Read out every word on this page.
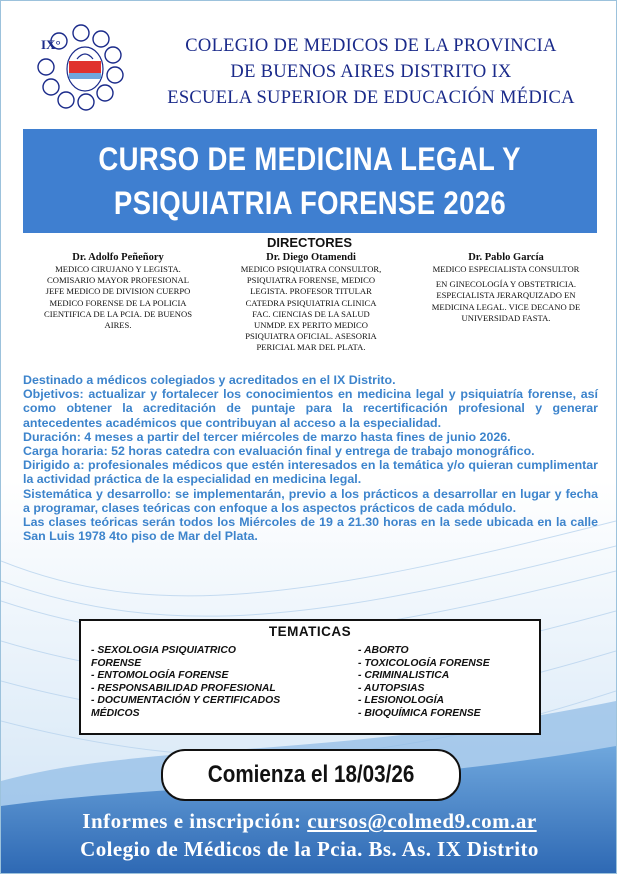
IX°	COLEGIO DE MEDICOS DE LA PROVINCIA
DE BUENOS AIRES DISTRITO IX
ESCUELA SUPERIOR DE EDUCACIÓN MÉDICA
CURSO DE MEDICINA LEGAL Y
PSIQUIATRIA FORENSE 2026
DIRECTORES
Dr. Adolfo Peñeñory
MEDICO CIRUJANO Y LEGISTA.
COMISARIO MAYOR PROFESIONAL
JEFE MEDICO DE DIVISION CUERPO
MEDICO FORENSE DE LA POLICIA
CIENTIFICA DE LA PCIA. DE BUENOS
AIRES.
Dr. Diego Otamendi
MEDICO PSIQUIATRA CONSULTOR,
PSIQUIATRA FORENSE, MEDICO
LEGISTA. PROFESOR TITULAR
CATEDRA PSIQUIATRIA CLINICA
FAC. CIENCIAS DE LA SALUD
UNMDP. EX PERITO MEDICO
PSIQUIATRA OFICIAL. ASESORIA
PERICIAL MAR DEL PLATA.
Dr. Pablo García
MEDICO ESPECIALISTA CONSULTOR
EN GINECOLOGÍA Y OBSTETRICIA.
ESPECIALISTA JERARQUIZADO EN
MEDICINA LEGAL. VICE DECANO DE
UNIVERSIDAD FASTA.

Destinado a médicos colegiados y acreditados en el IX Distrito.

Objetivos: actualizar y fortalecer los conocimientos en medicina legal y psiquiatría forense, así como obtener la acreditación de puntaje para la recertificación profesional y generar antecedentes académicos que contribuyan al acceso a la especialidad.

Duración: 4 meses a partir del tercer miércoles de marzo hasta fines de junio 2026.

Carga horaria: 52 horas catedra con evaluación final y entrega de trabajo monográfico.

Dirigido a: profesionales médicos que estén interesados en la temática y/o quieran cumplimentar la actividad práctica de la especialidad en medicina legal.

Sistemática y desarrollo: se implementarán, previo a los prácticos a desarrollar en lugar y fecha a programar, clases teóricas con enfoque a los aspectos prácticos de cada módulo.

Las clases teóricas serán todos los Miércoles de 19 a 21.30 horas en la sede ubicada en la calle San Luis 1978 4to piso de Mar del Plata.

TEMATICAS
- SEXOLOGIA PSIQUIATRICO
FORENSE
- ENTOMOLOGÍA FORENSE
- RESPONSABILIDAD PROFESIONAL
- DOCUMENTACIÓN Y CERTIFICADOS
MÉDICOS
- ABORTO
- TOXICOLOGÍA FORENSE
- CRIMINALISTICA
- AUTOPSIAS
- LESIONOLOGÍA
- BIOQUÍMICA FORENSE
Comienza el 18/03/26
Informes e inscripción: cursos@colmed9.com.ar
Colegio de Médicos de la Pcia. Bs. As. IX Distrito
